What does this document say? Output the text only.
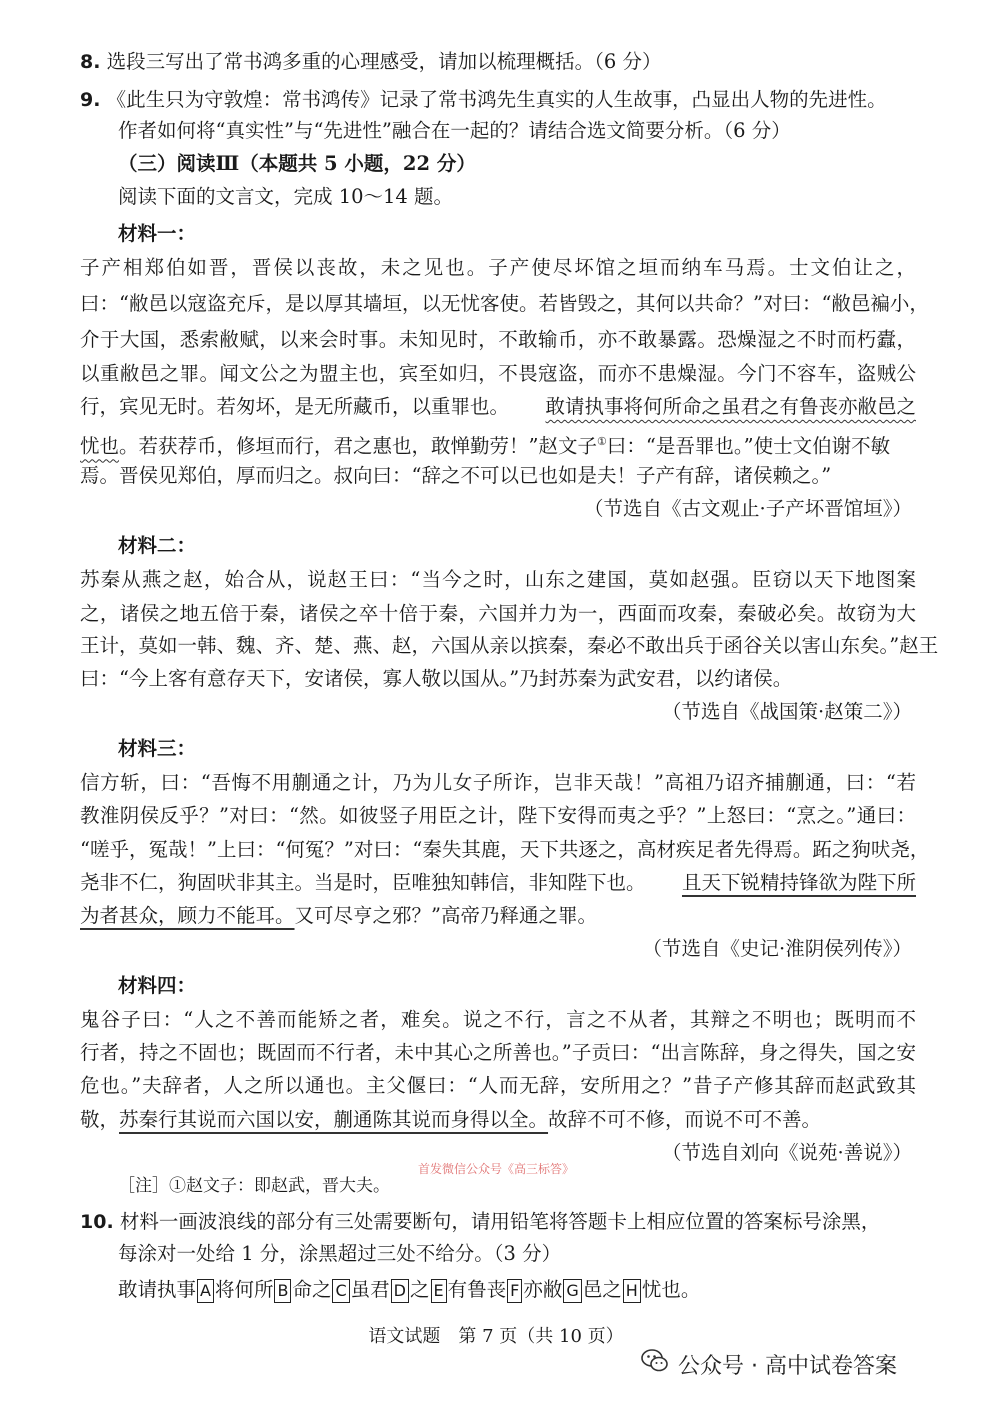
8. 选段三写出了常书鸿多重的心理感受，请加以梳理概括。（6 分）
9. 《此生只为守敦煌：常书鸿传》记录了常书鸿先生真实的人生故事，凸显出人物的先进性。
作者如何将“真实性”与“先进性”融合在一起的？请结合选文简要分析。（6 分）
（三）阅读Ⅲ（本题共 5 小题，22 分）
阅读下面的文言文，完成 10～14 题。
材料一：
子产相郑伯如晋，晋侯以丧故，未之见也。子产使尽坏馆之垣而纳车马焉。士文伯让之，
曰：“敝邑以寇盗充斥，是以厚其墙垣，以无忧客使。若皆毁之，其何以共命？”对曰：“敝邑褊小，
介于大国，悉索敝赋，以来会时事。未知见时，不敢输币，亦不敢暴露。恐燥湿之不时而朽蠹，
以重敝邑之罪。闻文公之为盟主也，宾至如归，不畏寇盗，而亦不患燥湿。今门不容车，盗贼公
行，宾见无时。若匆坏，是无所藏币，以重罪也。 敢请执事将何所命之虽君之有鲁丧亦敝邑之
忧也。若获荐币，修垣而行，君之惠也，敢惮勤劳！”赵文子①曰：“是吾罪也。”使士文伯谢不敏
焉。晋侯见郑伯，厚而归之。叔向曰：“辞之不可以已也如是夫！子产有辞，诸侯赖之。”
（节选自《古文观止·子产坏晋馆垣》）
材料二：
苏秦从燕之赵，始合从，说赵王曰：“当今之时，山东之建国，莫如赵强。臣窃以天下地图案
之，诸侯之地五倍于秦，诸侯之卒十倍于秦，六国并力为一，西面而攻秦，秦破必矣。故窃为大
王计，莫如一韩、魏、齐、楚、燕、赵，六国从亲以摈秦，秦必不敢出兵于函谷关以害山东矣。”赵王
曰：“今上客有意存天下，安诸侯，寡人敬以国从。”乃封苏秦为武安君，以约诸侯。
（节选自《战国策·赵策二》）
材料三：
信方斩，曰：“吾悔不用蒯通之计，乃为儿女子所诈，岂非天哉！”高祖乃诏齐捕蒯通，曰：“若
教淮阴侯反乎？”对曰：“然。如彼竖子用臣之计，陛下安得而夷之乎？”上怒曰：“烹之。”通曰：
“嗟乎，冤哉！”上曰：“何冤？”对曰：“秦失其鹿，天下共逐之，高材疾足者先得焉。跖之狗吠尧，
尧非不仁，狗固吠非其主。当是时，臣唯独知韩信，非知陛下也。 且天下锐精持锋欲为陛下所
为者甚众，顾力不能耳。又可尽亨之邪？”高帝乃释通之罪。
（节选自《史记·淮阴侯列传》）
材料四：
鬼谷子曰：“人之不善而能矫之者，难矣。说之不行，言之不从者，其辩之不明也；既明而不
行者，持之不固也；既固而不行者，未中其心之所善也。”子贡曰：“出言陈辞，身之得失，国之安
危也。”夫辞者，人之所以通也。主父偃曰：“人而无辞，安所用之？”昔子产修其辞而赵武致其
敬，苏秦行其说而六国以安，蒯通陈其说而身得以全。故辞不可不修，而说不可不善。
（节选自刘向《说苑·善说》）
首发微信公众号《高三标答》
［注］①赵文子：即赵武，晋大夫。
10. 材料一画波浪线的部分有三处需要断句，请用铅笔将答题卡上相应位置的答案标号涂黑，
每涂对一处给 1 分，涂黑超过三处不给分。（3 分）
敢请执事 A 将何所 B 命之 C 虽君 D 之 E 有鲁丧 F 亦敝 G 邑之 H 忧也。
语文试题　第 7 页（共 10 页）
公众号 · 高中试卷答案
